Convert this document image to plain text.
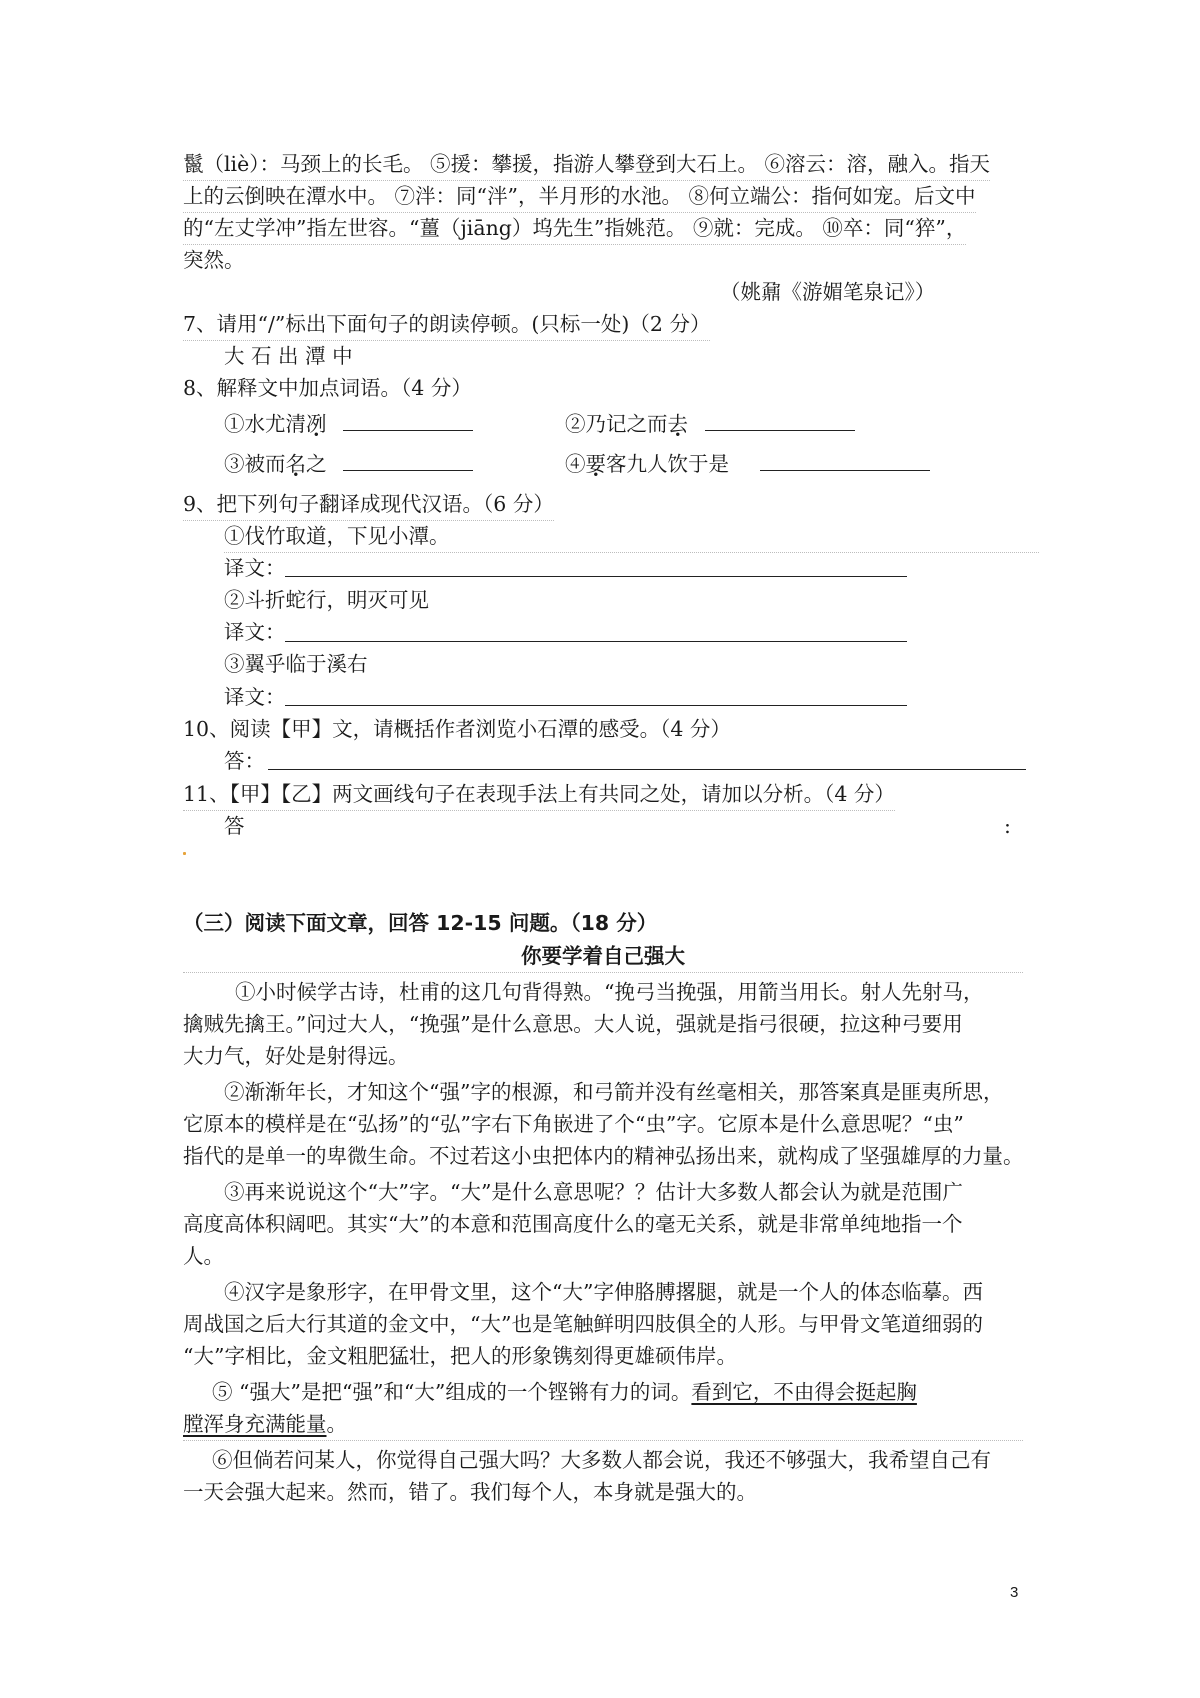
鬣（liè）：马颈上的长毛。 ⑤援：攀援，指游人攀登到大石上。 ⑥溶云：溶，融入。指天
上的云倒映在潭水中。 ⑦泮：同“泮”，半月形的水池。 ⑧何立端公：指何如宠。后文中
的“左丈学冲”指左世容。“薑（jiāng）坞先生”指姚范。 ⑨就：完成。 ⑩卒：同“猝”，
突然。
（姚鼐《游媚笔泉记》）
7、请用“/”标出下面句子的朗读停顿。(只标一处)（2 分）
大 石 出 潭 中
8、解释文中加点词语。（4 分）
①水尤清冽	②乃记之而去
③被而名之	④要客九人饮于是
9、把下列句子翻译成现代汉语。（6 分）
①伐竹取道，下见小潭。
译文：
②斗折蛇行，明灭可见
译文：
③翼乎临于溪右
译文：
10、阅读【甲】文，请概括作者浏览小石潭的感受。（4 分）
答：
11、【甲】【乙】两文画线句子在表现手法上有共同之处，请加以分析。（4 分）
答	:
（三）阅读下面文章，回答 12-15 问题。（18 分）
你要学着自己强大
①小时候学古诗，杜甫的这几句背得熟。“挽弓当挽强，用箭当用长。射人先射马，
擒贼先擒王。”问过大人，“挽强”是什么意思。大人说，强就是指弓很硬，拉这种弓要用
大力气，好处是射得远。
②渐渐年长，才知这个“强”字的根源，和弓箭并没有丝毫相关，那答案真是匪夷所思，
它原本的模样是在“弘扬”的“弘”字右下角嵌进了个“虫”字。它原本是什么意思呢？“虫”
指代的是单一的卑微生命。不过若这小虫把体内的精神弘扬出来，就构成了坚强雄厚的力量。
③再来说说这个“大”字。“大”是什么意思呢？？估计大多数人都会认为就是范围广
高度高体积阔吧。其实“大”的本意和范围高度什么的毫无关系，就是非常单纯地指一个
人。
④汉字是象形字，在甲骨文里，这个“大”字伸胳膊撂腿，就是一个人的体态临摹。西
周战国之后大行其道的金文中，“大”也是笔触鲜明四肢俱全的人形。与甲骨文笔道细弱的
“大”字相比，金文粗肥猛壮，把人的形象镌刻得更雄硕伟岸。
⑤ “强大”是把“强”和“大”组成的一个铿锵有力的词。看到它，不由得会挺起胸
膛浑身充满能量。
⑥但倘若问某人，你觉得自己强大吗？大多数人都会说，我还不够强大，我希望自己有
一天会强大起来。然而，错了。我们每个人，本身就是强大的。
3
